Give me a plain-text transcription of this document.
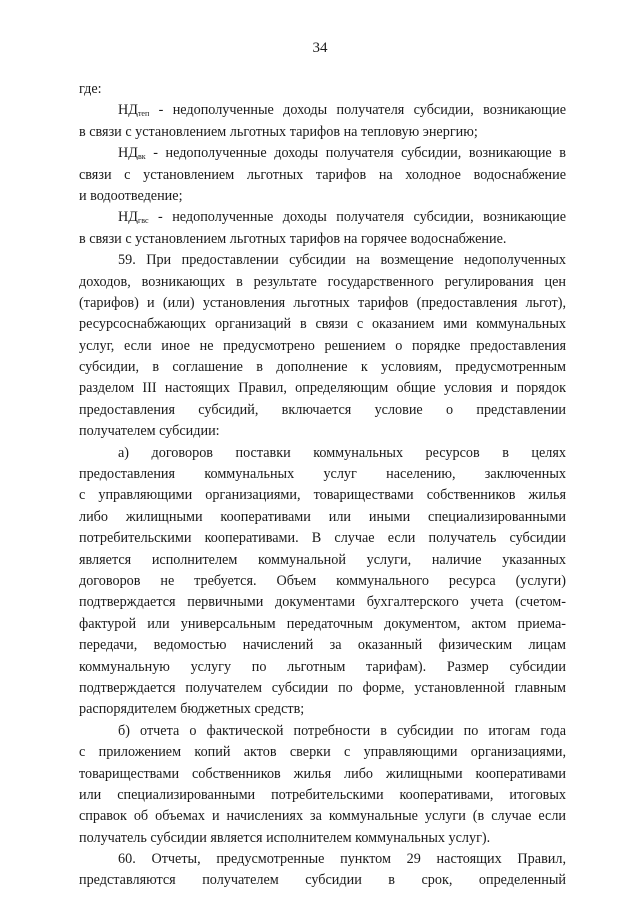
34
где:
$НД_{теп}$ - недополученные доходы получателя субсидии, возникающие
в связи с установлением льготных тарифов на тепловую энергию;
$НД_{вк}$ - недополученные доходы получателя субсидии, возникающие в
связи с установлением льготных тарифов на холодное водоснабжение
и водоотведение;
$НД_{гвс}$ - недополученные доходы получателя субсидии, возникающие
в связи с установлением льготных тарифов на горячее водоснабжение.
59. При предоставлении субсидии на возмещение недополученных
доходов, возникающих в результате государственного регулирования цен
(тарифов) и (или) установления льготных тарифов (предоставления льгот),
ресурсоснабжающих организаций в связи с оказанием ими коммунальных
услуг, если иное не предусмотрено решением о порядке предоставления
субсидии, в соглашение в дополнение к условиям, предусмотренным
разделом III настоящих Правил, определяющим общие условия и порядок
предоставления субсидий, включается условие о представлении
получателем субсидии:
а) договоров поставки коммунальных ресурсов в целях
предоставления коммунальных услуг населению, заключенных
с управляющими организациями, товариществами собственников жилья
либо жилищными кооперативами или иными специализированными
потребительскими кооперативами. В случае если получатель субсидии
является исполнителем коммунальной услуги, наличие указанных
договоров не требуется. Объем коммунального ресурса (услуги)
подтверждается первичными документами бухгалтерского учета (счетом-
фактурой или универсальным передаточным документом, актом приема-
передачи, ведомостью начислений за оказанный физическим лицам
коммунальную услугу по льготным тарифам). Размер субсидии
подтверждается получателем субсидии по форме, установленной главным
распорядителем бюджетных средств;
б) отчета о фактической потребности в субсидии по итогам года
с приложением копий актов сверки с управляющими организациями,
товариществами собственников жилья либо жилищными кооперативами
или специализированными потребительскими кооперативами, итоговых
справок об объемах и начислениях за коммунальные услуги (в случае если
получатель субсидии является исполнителем коммунальных услуг).
60. Отчеты, предусмотренные пунктом 29 настоящих Правил,
представляются получателем субсидии в срок, определенный
